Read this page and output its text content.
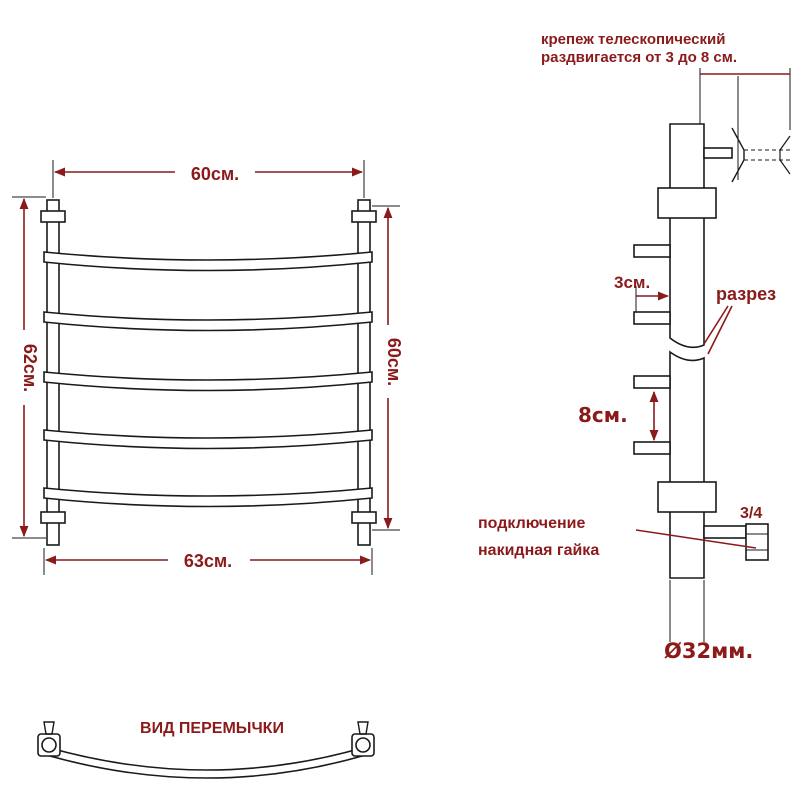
60см.
63см.
62см.	60см.
ВИД ПЕРЕМЫЧКИ
крепеж телескопический
раздвигается от 3 до 8 см.
3см.
разрез
8см.
3/4
подключение
накидная гайка
Ø32мм.
